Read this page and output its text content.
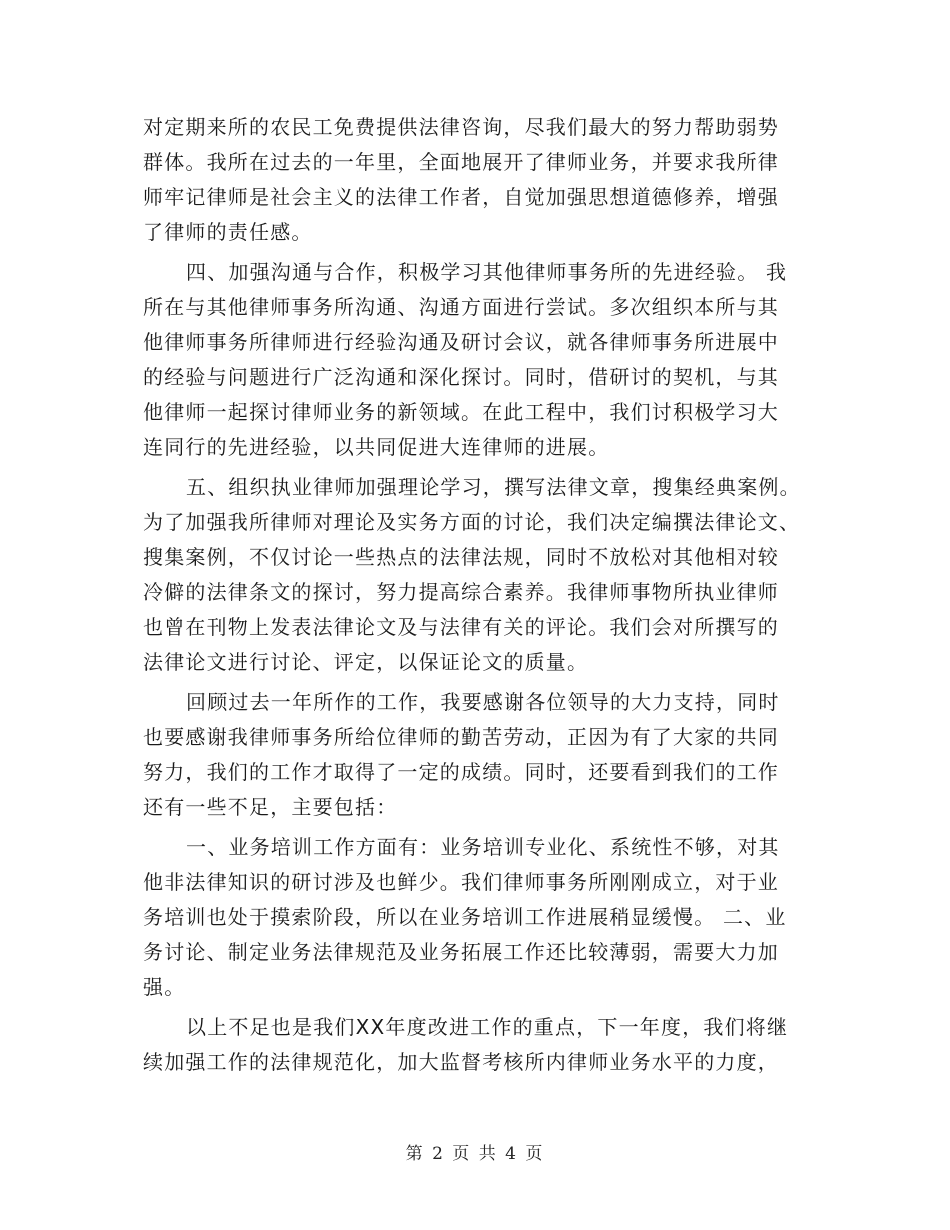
对定期来所的农民工免费提供法律咨询，尽我们最大的努力帮助弱势
群体。我所在过去的一年里，全面地展开了律师业务，并要求我所律
师牢记律师是社会主义的法律工作者，自觉加强思想道德修养，增强
了律师的责任感。
四、加强沟通与合作，积极学习其他律师事务所的先进经验。 我
所在与其他律师事务所沟通、沟通方面进行尝试。多次组织本所与其
他律师事务所律师进行经验沟通及研讨会议，就各律师事务所进展中
的经验与问题进行广泛沟通和深化探讨。同时，借研讨的契机，与其
他律师一起探讨律师业务的新领域。在此工程中，我们讨积极学习大
连同行的先进经验，以共同促进大连律师的进展。
五、组织执业律师加强理论学习，撰写法律文章，搜集经典案例。
为了加强我所律师对理论及实务方面的讨论，我们决定编撰法律论文、
搜集案例，不仅讨论一些热点的法律法规，同时不放松对其他相对较
冷僻的法律条文的探讨，努力提高综合素养。我律师事物所执业律师
也曾在刊物上发表法律论文及与法律有关的评论。我们会对所撰写的
法律论文进行讨论、评定，以保证论文的质量。
回顾过去一年所作的工作，我要感谢各位领导的大力支持，同时
也要感谢我律师事务所给位律师的勤苦劳动，正因为有了大家的共同
努力，我们的工作才取得了一定的成绩。同时，还要看到我们的工作
还有一些不足，主要包括：
一、业务培训工作方面有：业务培训专业化、系统性不够，对其
他非法律知识的研讨涉及也鲜少。我们律师事务所刚刚成立，对于业
务培训也处于摸索阶段，所以在业务培训工作进展稍显缓慢。 二、业
务讨论、制定业务法律规范及业务拓展工作还比较薄弱，需要大力加
强。
以上不足也是我们XX年度改进工作的重点，下一年度，我们将继
续加强工作的法律规范化，加大监督考核所内律师业务水平的力度，
第 2 页 共 4 页
